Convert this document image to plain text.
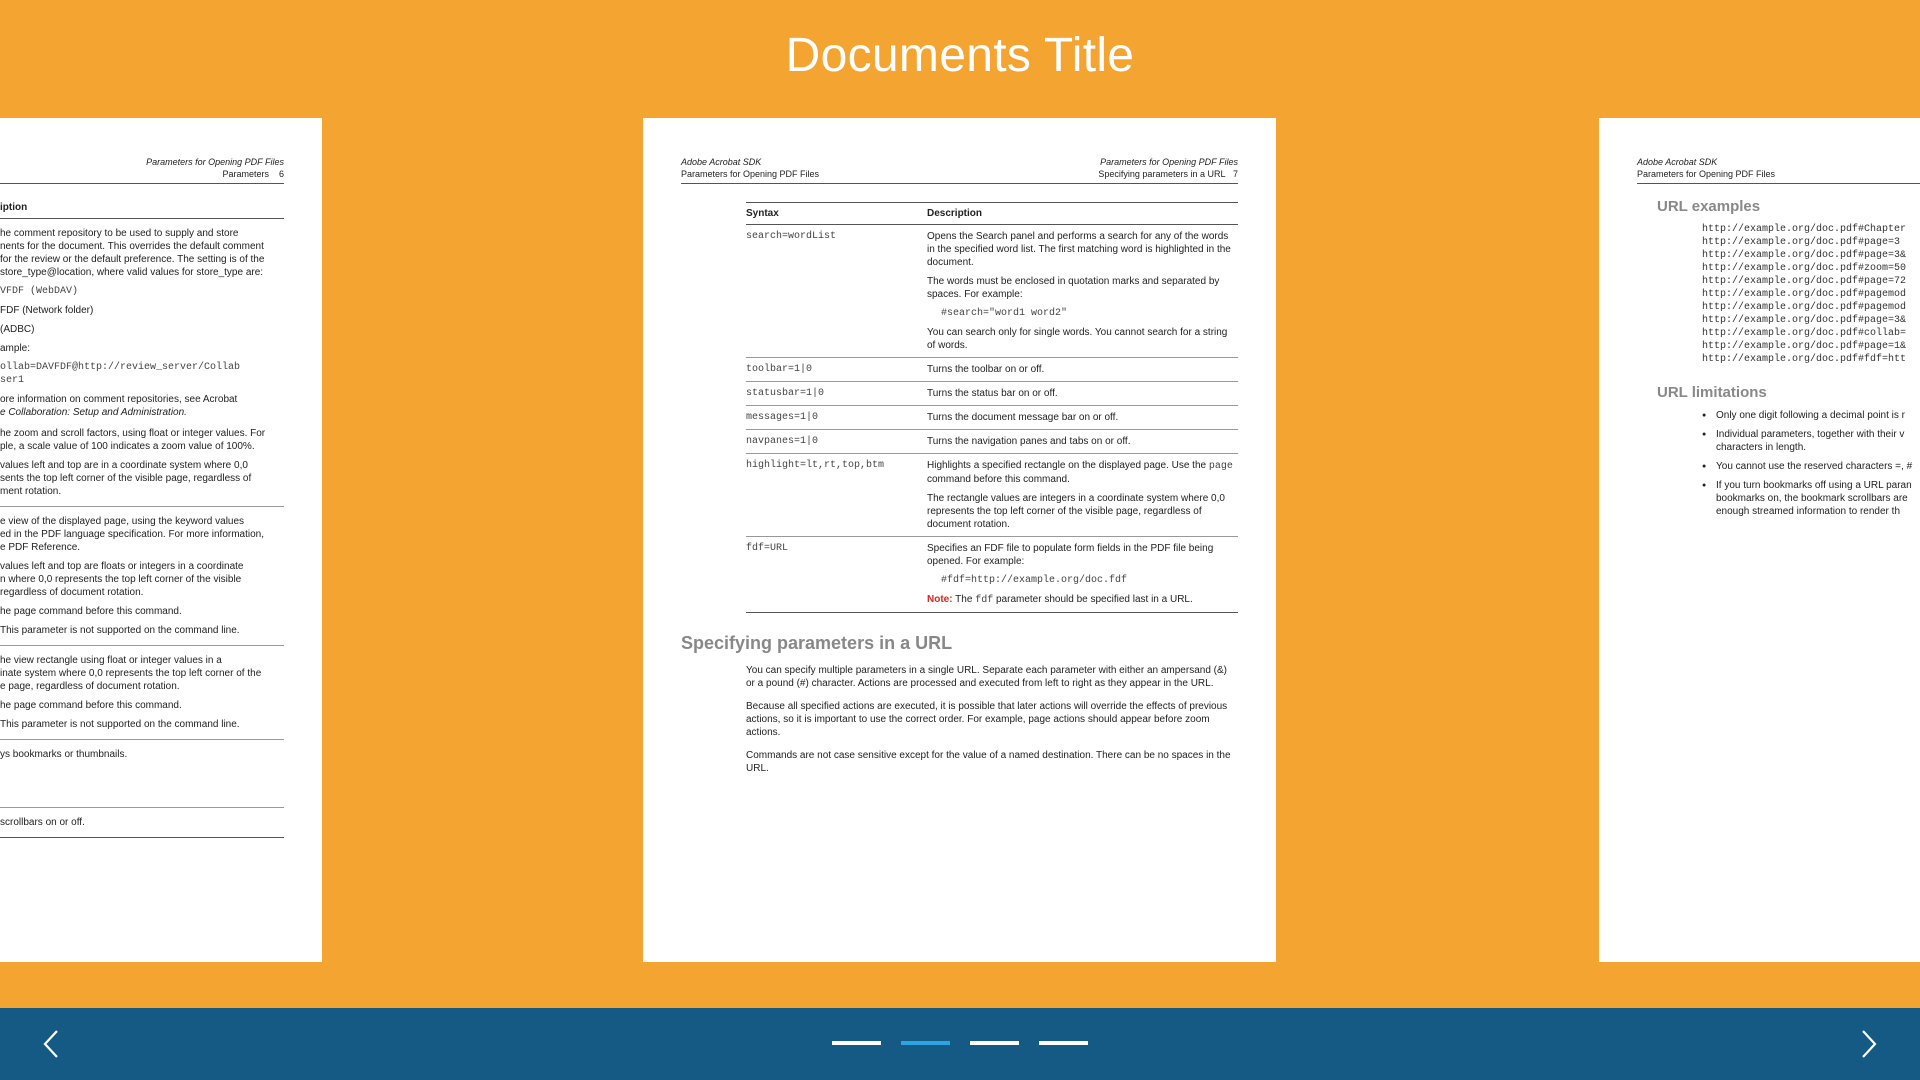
Documents Title
Parameters for Opening PDF Files
Parameters 6
iption
he comment repository to be used to supply and store
nents for the document. This overrides the default comment
for the review or the default preference. The setting is of the
store_type@location, where valid values for store_type are:
VFDF (WebDAV)
FDF (Network folder)
(ADBC)
ample:
ollab=DAVFDF@http://review_server/Collab
ser1
ore information on comment repositories, see Acrobat
e Collaboration: Setup and Administration.
he zoom and scroll factors, using float or integer values. For
ple, a scale value of 100 indicates a zoom value of 100%.
values left and top are in a coordinate system where 0,0
sents the top left corner of the visible page, regardless of
ment rotation.
e view of the displayed page, using the keyword values
ed in the PDF language specification. For more information,
e PDF Reference.
values left and top are floats or integers in a coordinate
n where 0,0 represents the top left corner of the visible
regardless of document rotation.
he page command before this command.
This parameter is not supported on the command line.
he view rectangle using float or integer values in a
inate system where 0,0 represents the top left corner of the
e page, regardless of document rotation.
he page command before this command.
This parameter is not supported on the command line.
ys bookmarks or thumbnails.
scrollbars on or off.
Adobe Acrobat SDK
Parameters for Opening PDF Files
Parameters for Opening PDF Files
Specifying parameters in a URL 7
Syntax	Description
search=wordList	Opens the Search panel and performs a search for any of the words in the specified word list. The first matching word is highlighted in the document.

The words must be enclosed in quotation marks and separated by spaces. For example:

#search="word1 word2"

You can search only for single words. You cannot search for a string of words.

toolbar=1|0	Turns the toolbar on or off.
statusbar=1|0	Turns the status bar on or off.
messages=1|0	Turns the document message bar on or off.
navpanes=1|0	Turns the navigation panes and tabs on or off.
highlight=lt,rt,top,btm	Highlights a specified rectangle on the displayed page. Use the page command before this command.

The rectangle values are integers in a coordinate system where 0,0 represents the top left corner of the visible page, regardless of document rotation.

fdf=URL	Specifies an FDF file to populate form fields in the PDF file being opened. For example:

#fdf=http://example.org/doc.fdf

Note: The fdf parameter should be specified last in a URL.

Specifying parameters in a URL

You can specify multiple parameters in a single URL. Separate each parameter with either an ampersand (&) or a pound (#) character. Actions are processed and executed from left to right as they appear in the URL.

Because all specified actions are executed, it is possible that later actions will override the effects of previous actions, so it is important to use the correct order. For example, page actions should appear before zoom actions.

Commands are not case sensitive except for the value of a named destination. There can be no spaces in the URL.

Adobe Acrobat SDK
Parameters for Opening PDF Files
URL examples
http://example.org/doc.pdf#Chapter
http://example.org/doc.pdf#page=3
http://example.org/doc.pdf#page=3&
http://example.org/doc.pdf#zoom=50
http://example.org/doc.pdf#page=72
http://example.org/doc.pdf#pagemod
http://example.org/doc.pdf#pagemod
http://example.org/doc.pdf#page=3&
http://example.org/doc.pdf#collab=
http://example.org/doc.pdf#page=1&
http://example.org/doc.pdf#fdf=htt
URL limitations
● Only one digit following a decimal point is r
● Individual parameters, together with their v characters in length.
● You cannot use the reserved characters =, #
● If you turn bookmarks off using a URL paran bookmarks on, the bookmark scrollbars are enough streamed information to render th
